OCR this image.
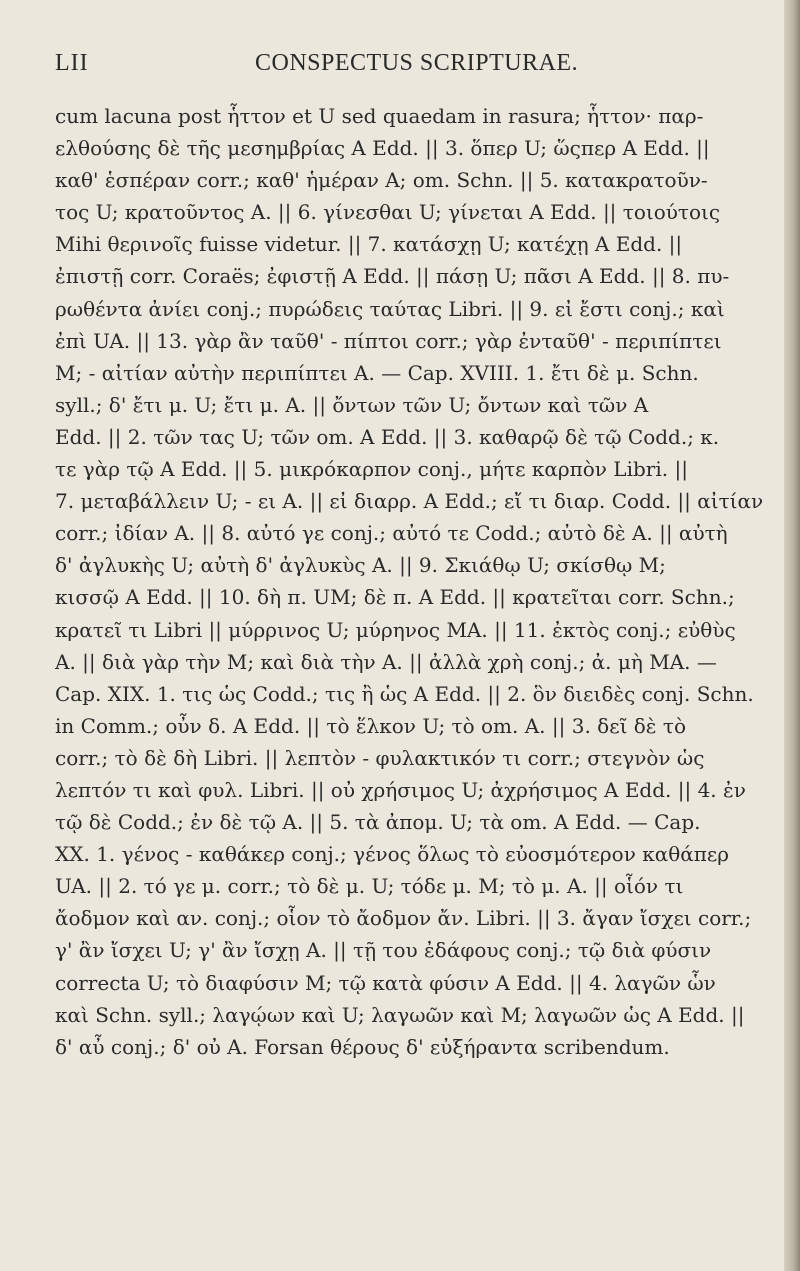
LII	CONSPECTUS SCRIPTURAE.
cum lacuna post ἧττον et U sed quaedam in rasura; ἧττον· παρ-
ελθούσης δὲ τῆς μεσημβρίας A Edd. || 3. ὅπερ U; ὥςπερ A Edd. ||
καθ' ἑσπέραν corr.; καθ' ἡμέραν A; om. Schn. || 5. κατακρατοῦν-
τος U; κρατοῦντος A. || 6. γίνεσθαι U; γίνεται A Edd. || τοιούτοις
Mihi θερινοῖς fuisse videtur. || 7. κατάσχῃ U; κατέχῃ A Edd. ||
ἐπιστῇ corr. Coraës; ἐφιστῇ A Edd. || πάσῃ U; πᾶσι A Edd. || 8. πυ-
ρωθέντα ἀνίει conj.; πυρώδεις ταύτας Libri. || 9. εἰ ἔστι conj.; καὶ
ἐπὶ UA. || 13. γὰρ ἂν ταῦθ' - πίπτοι corr.; γὰρ ἐνταῦθ' - περιπίπτει
M; - αἰτίαν αὐτὴν περιπίπτει A. — Cap. XVIII. 1. ἔτι δὲ μ. Schn.
syll.; δ' ἔτι μ. U; ἔτι μ. A. || ὄντων τῶν U; ὄντων καὶ τῶν A
Edd. || 2. τῶν τας U; τῶν om. A Edd. || 3. καθαρῷ δὲ τῷ Codd.; κ.
τε γὰρ τῷ A Edd. || 5. μικρόκαρπον conj., μήτε καρπὸν Libri. ||
7. μεταβάλλειν U; - ει A. || εἰ διαρρ. A Edd.; εἴ τι διαρ. Codd. || αἰτίαν
corr.; ἰδίαν A. || 8. αὐτό γε conj.; αὐτό τε Codd.; αὐτὸ δὲ A. || αὐτὴ
δ' ἀγλυκὴς U; αὐτὴ δ' ἀγλυκὺς A. || 9. Σκιάθῳ U; σκίσθῳ M;
κισσῷ A Edd. || 10. δὴ π. UM; δὲ π. A Edd. || κρατεῖται corr. Schn.;
κρατεῖ τι Libri || μύρρινος U; μύρηνος MA. || 11. ἐκτὸς conj.; εὐθὺς
A. || διὰ γὰρ τὴν M; καὶ διὰ τὴν A. || ἀλλὰ χρὴ conj.; ἀ. μὴ MA. —
Cap. XIX. 1. τις ὡς Codd.; τις ἢ ὡς A Edd. || 2. ὃν διειδὲς conj. Schn.
in Comm.; οὖν δ. A Edd. || τὸ ἕλκον U; τὸ om. A. || 3. δεῖ δὲ τὸ
corr.; τὸ δὲ δὴ Libri. || λεπτὸν - φυλακτικόν τι corr.; στεγνὸν ὡς
λεπτόν τι καὶ φυλ. Libri. || οὐ χρήσιμος U; ἀχρήσιμος A Edd. || 4. ἐν
τῷ δὲ Codd.; ἐν δὲ τῷ A. || 5. τὰ ἀπομ. U; τὰ om. A Edd. — Cap.
XX. 1. γένος - καθάκερ conj.; γένος ὅλως τὸ εὐοσμότερον καθάπερ
UA. || 2. τό γε μ. corr.; τὸ δὲ μ. U; τόδε μ. M; τὸ μ. A. || οἷόν τι
ἄοδμον καὶ αν. conj.; οἷον τὸ ἄοδμον ἄν. Libri. || 3. ἄγαν ἴσχει corr.;
γ' ἂν ἴσχει U; γ' ἂν ἴσχῃ A. || τῇ του ἐδάφους conj.; τῷ διὰ φύσιν
correcta U; τὸ διαφύσιν M; τῷ κατὰ φύσιν A Edd. || 4. λαγῶν ὧν
καὶ Schn. syll.; λαγῴων καὶ U; λαγωῶν καὶ M; λαγωῶν ὡς A Edd. ||
δ' αὖ conj.; δ' οὐ A. Forsan θέρους δ' εὐξήραντα scribendum.
